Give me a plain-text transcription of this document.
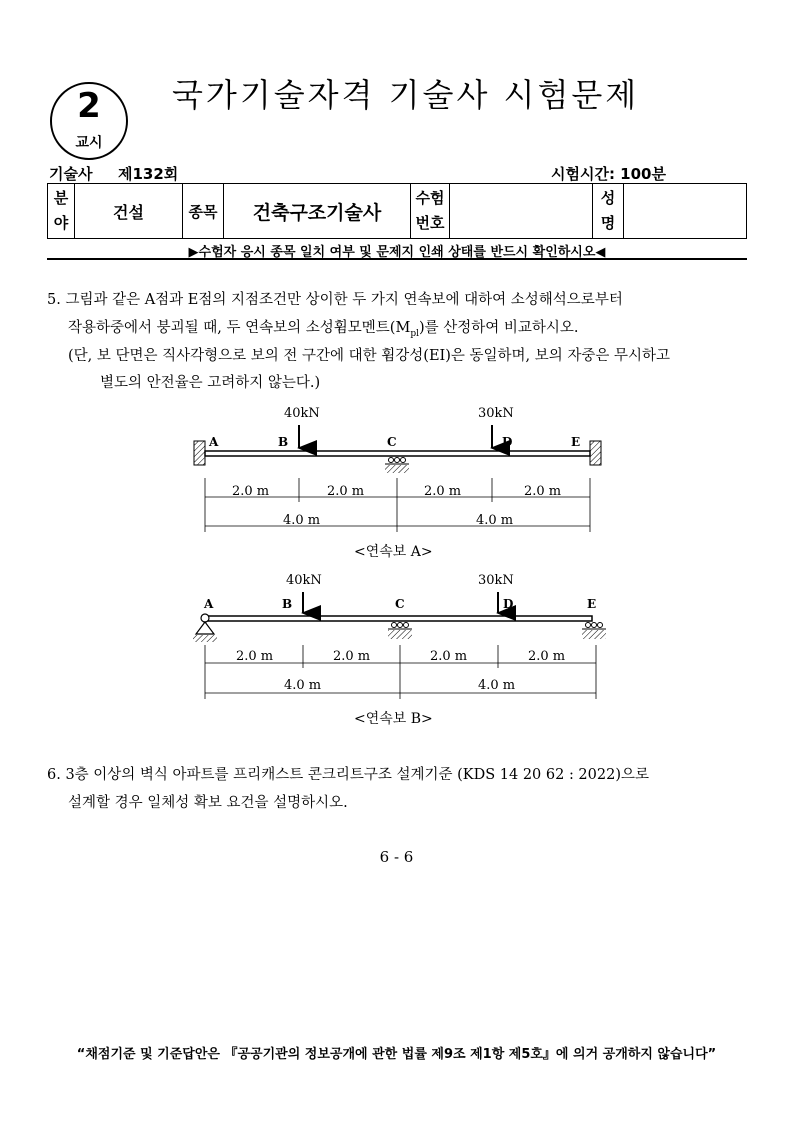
국가기술자격 기술사 시험문제
2
교시
기술사 제132회	시험시간: 100분
분
야
	건설	종목	건축구조기술사	
수험
번호

성
명

▶수험자 응시 종목 일치 여부 및 문제지 인쇄 상태를 반드시 확인하시오◀
5. 그림과 같은 A점과 E점의 지점조건만 상이한 두 가지 연속보에 대하여 소성해석으로부터
작용하중에서 붕괴될 때, 두 연속보의 소성휨모멘트$(M_{pl})$를 산정하여 비교하시오.
(단, 보 단면은 직사각형으로 보의 전 구간에 대한 휨강성(EI)은 동일하며, 보의 자중은 무시하고
별도의 안전율은 고려하지 않는다.)
40kN	30kN
A	B	C	D	E
2.0 m	2.0 m	2.0 m	2.0 m
4.0 m	4.0 m
<연속보 A>
40kN	30kN
A	B	C	D	E
2.0 m	2.0 m	2.0 m	2.0 m
4.0 m	4.0 m
<연속보 B>
6. 3층 이상의 벽식 아파트를 프리캐스트 콘크리트구조 설계기준 (KDS 14 20 62 : 2022)으로
설계할 경우 일체성 확보 요건을 설명하시오.
6 - 6
“채점기준 및 기준답안은 『공공기관의 정보공개에 관한 법률 제9조 제1항 제5호』에 의거 공개하지 않습니다”
